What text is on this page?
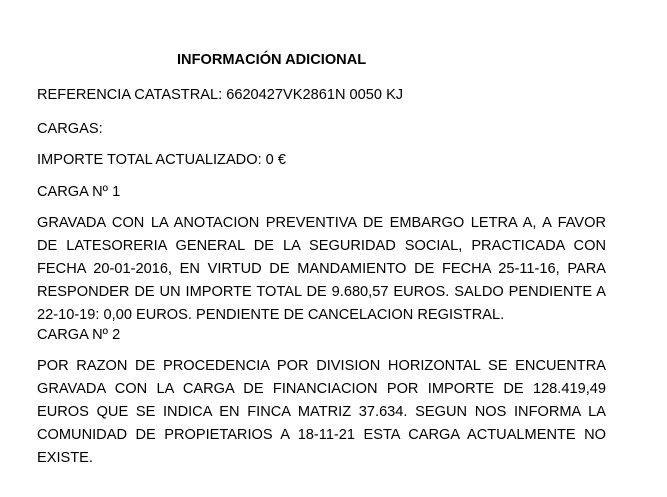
INFORMACIÓN ADICIONAL
REFERENCIA CATASTRAL: 6620427VK2861N 0050 KJ
CARGAS:
IMPORTE TOTAL ACTUALIZADO: 0 €
CARGA Nº 1
GRAVADA CON LA ANOTACION PREVENTIVA DE EMBARGO LETRA A, A FAVOR
DE LATESORERIA GENERAL DE LA SEGURIDAD SOCIAL, PRACTICADA CON
FECHA 20-01-2016, EN VIRTUD DE MANDAMIENTO DE FECHA 25-11-16, PARA
RESPONDER DE UN IMPORTE TOTAL DE 9.680,57 EUROS. SALDO PENDIENTE A
22-10-19: 0,00 EUROS. PENDIENTE DE CANCELACION REGISTRAL.
CARGA Nº 2
POR RAZON DE PROCEDENCIA POR DIVISION HORIZONTAL SE ENCUENTRA
GRAVADA CON LA CARGA DE FINANCIACION POR IMPORTE DE 128.419,49
EUROS QUE SE INDICA EN FINCA MATRIZ 37.634. SEGUN NOS INFORMA LA
COMUNIDAD DE PROPIETARIOS A 18-11-21 ESTA CARGA ACTUALMENTE NO
EXISTE.
